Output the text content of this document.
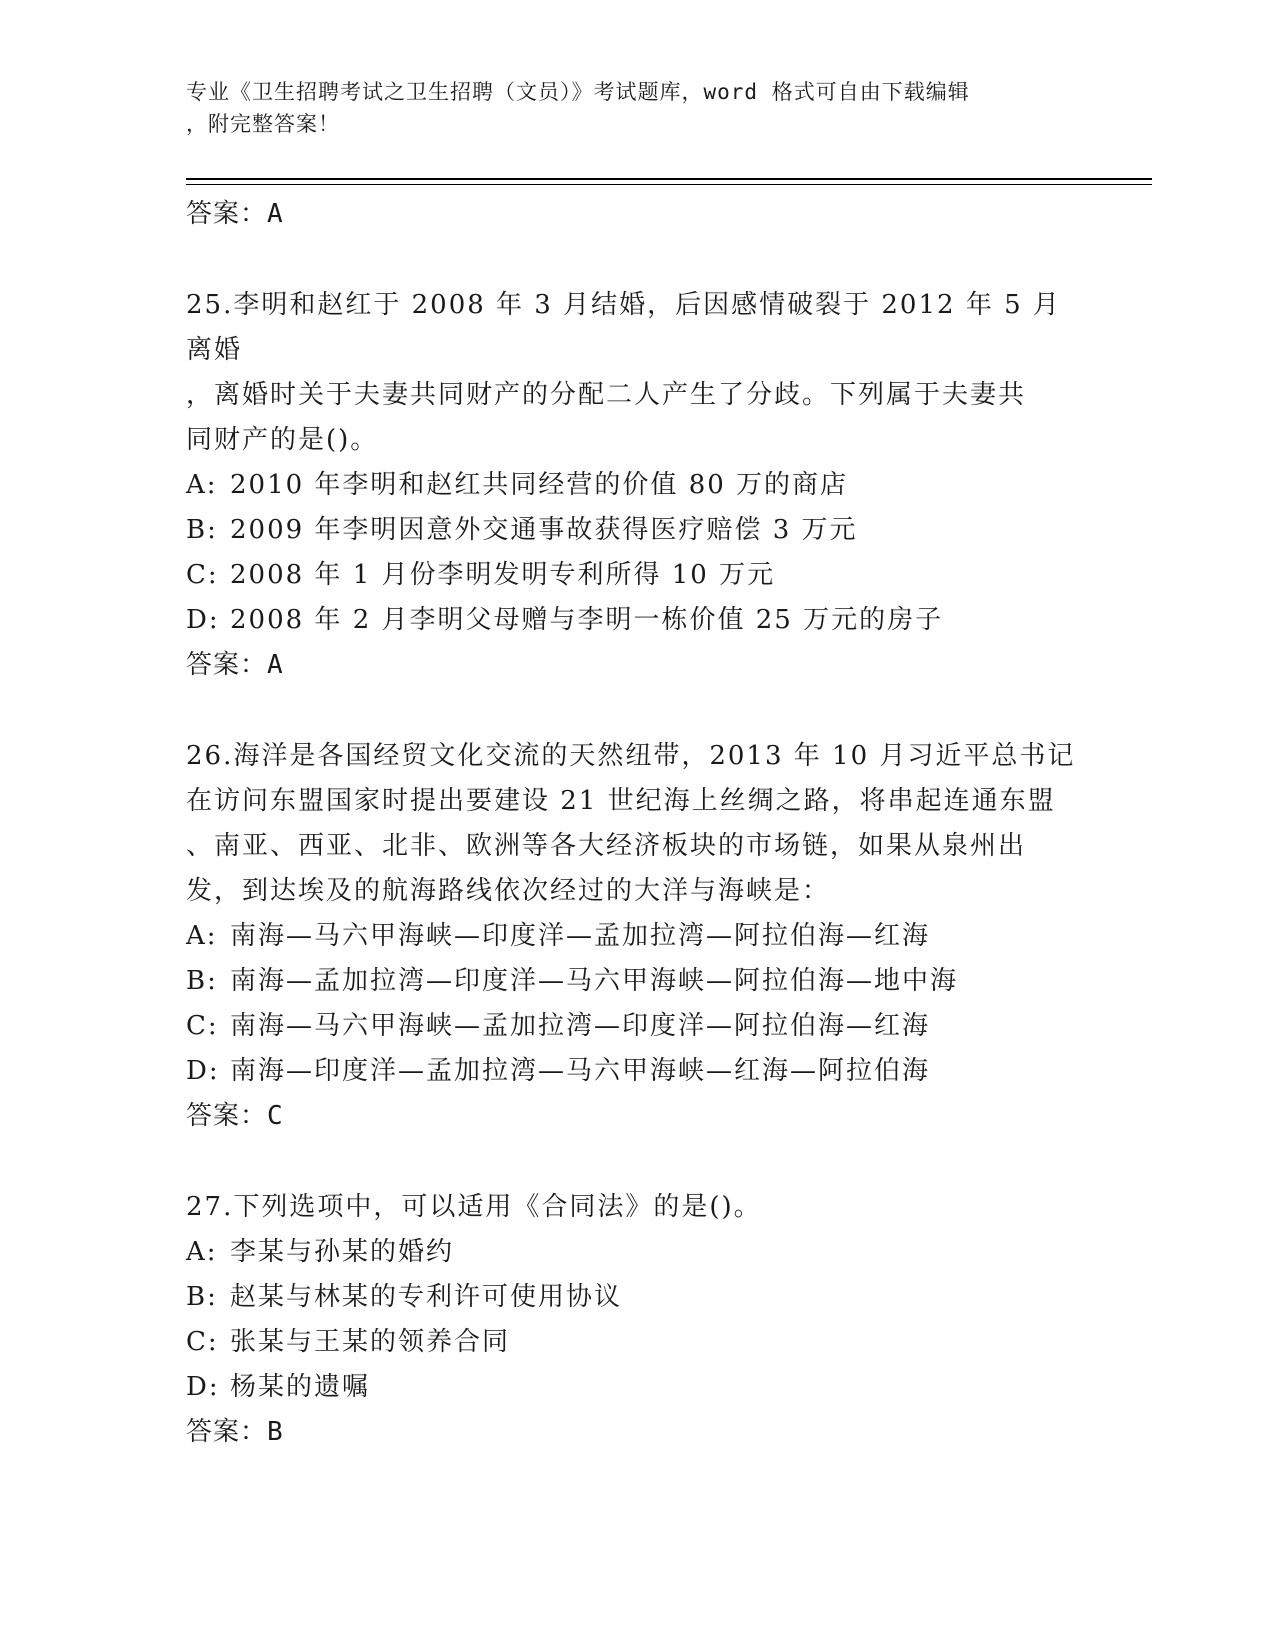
专业《卫生招聘考试之卫生招聘（文员）》考试题库，word 格式可自由下载编辑
，附完整答案！
答案：A
25.李明和赵红于 2008 年 3 月结婚，后因感情破裂于 2012 年 5 月离婚
，离婚时关于夫妻共同财产的分配二人产生了分歧。下列属于夫妻共
同财产的是()。
A: 2010 年李明和赵红共同经营的价值 80 万的商店
B: 2009 年李明因意外交通事故获得医疗赔偿 3 万元
C: 2008 年 1 月份李明发明专利所得 10 万元
D: 2008 年 2 月李明父母赠与李明一栋价值 25 万元的房子
答案：A
26.海洋是各国经贸文化交流的天然纽带，2013 年 10 月习近平总书记
在访问东盟国家时提出要建设 21 世纪海上丝绸之路，将串起连通东盟
、南亚、西亚、北非、欧洲等各大经济板块的市场链，如果从泉州出
发，到达埃及的航海路线依次经过的大洋与海峡是：
A: 南海—马六甲海峡—印度洋—孟加拉湾—阿拉伯海—红海
B: 南海—孟加拉湾—印度洋—马六甲海峡—阿拉伯海—地中海
C: 南海—马六甲海峡—孟加拉湾—印度洋—阿拉伯海—红海
D: 南海—印度洋—孟加拉湾—马六甲海峡—红海—阿拉伯海
答案：C
27.下列选项中，可以适用《合同法》的是()。
A: 李某与孙某的婚约
B: 赵某与林某的专利许可使用协议
C: 张某与王某的领养合同
D: 杨某的遗嘱
答案：B
